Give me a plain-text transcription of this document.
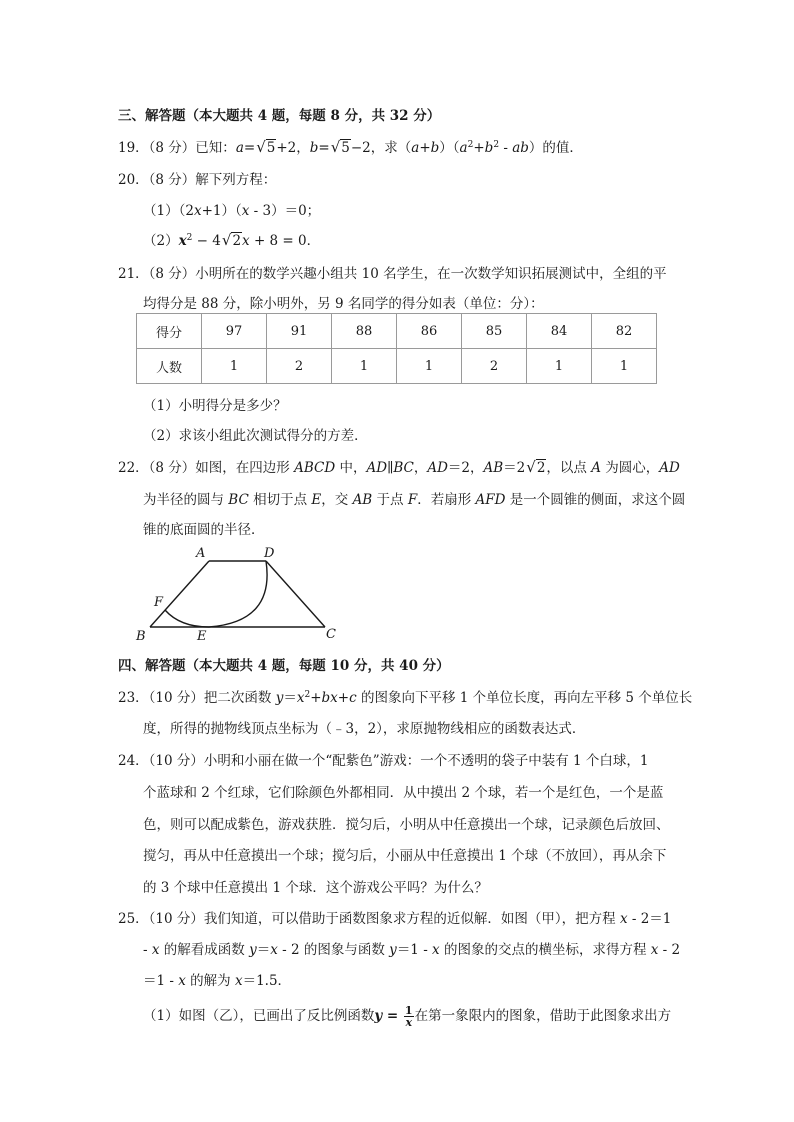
三、解答题（本大题共 4 题，每题 8 分，共 32 分）
19．（8 分）已知：a=√5+2，b=√5−2，求$(a+b)(a^2+b^2 - ab)$的值．
20．（8 分）解下列方程：
（1）（2x+1）（x - 3）＝0；
$(2)x^2 - 4√2x + 8 = 0$．
21．（8 分）小明所在的数学兴趣小组共 10 名学生，在一次数学知识拓展测试中，全组的平
均得分是 88 分，除小明外，另 9 名同学的得分如表（单位：分）：
得分	97	91	88	86	85	84	82
人数	1	2	1	1	2	1	1
（1）小明得分是多少？
（2）求该小组此次测试得分的方差．
22．（8 分）如图，在四边形 ABCD 中，AD∥BC，AD＝2，AB＝2√2，以点 A 为圆心，AD
为半径的圆与 BC 相切于点 E，交 AB 于点 F．若扇形 AFD 是一个圆锥的侧面，求这个圆
锥的底面圆的半径．
A	D
F
B	E	C
四、解答题（本大题共 4 题，每题 10 分，共 40 分）
23．（10 分）把二次函数 $y=x^2+bx+c$ 的图象向下平移 1 个单位长度，再向左平移 5 个单位长
度，所得的抛物线顶点坐标为（﹣3，2），求原抛物线相应的函数表达式．
24．（10 分）小明和小丽在做一个“配紫色”游戏：一个不透明的袋子中装有 1 个白球，1
个蓝球和 2 个红球，它们除颜色外都相同．从中摸出 2 个球，若一个是红色，一个是蓝
色，则可以配成紫色，游戏获胜．搅匀后，小明从中任意摸出一个球，记录颜色后放回、
搅匀，再从中任意摸出一个球；搅匀后，小丽从中任意摸出 1 个球（不放回），再从余下
的 3 个球中任意摸出 1 个球．这个游戏公平吗？为什么？
25．（10 分）我们知道，可以借助于函数图象求方程的近似解．如图（甲），把方程 x - 2＝1
- x 的解看成函数 y＝x - 2 的图象与函数 y＝1 - x 的图象的交点的横坐标，求得方程 x - 2
＝1 - x 的解为 x＝1.5．
（1）如图（乙），已画出了反比例函数$y = \frac{1}{x}$ 在第一象限内的图象，借助于此图象求出方
